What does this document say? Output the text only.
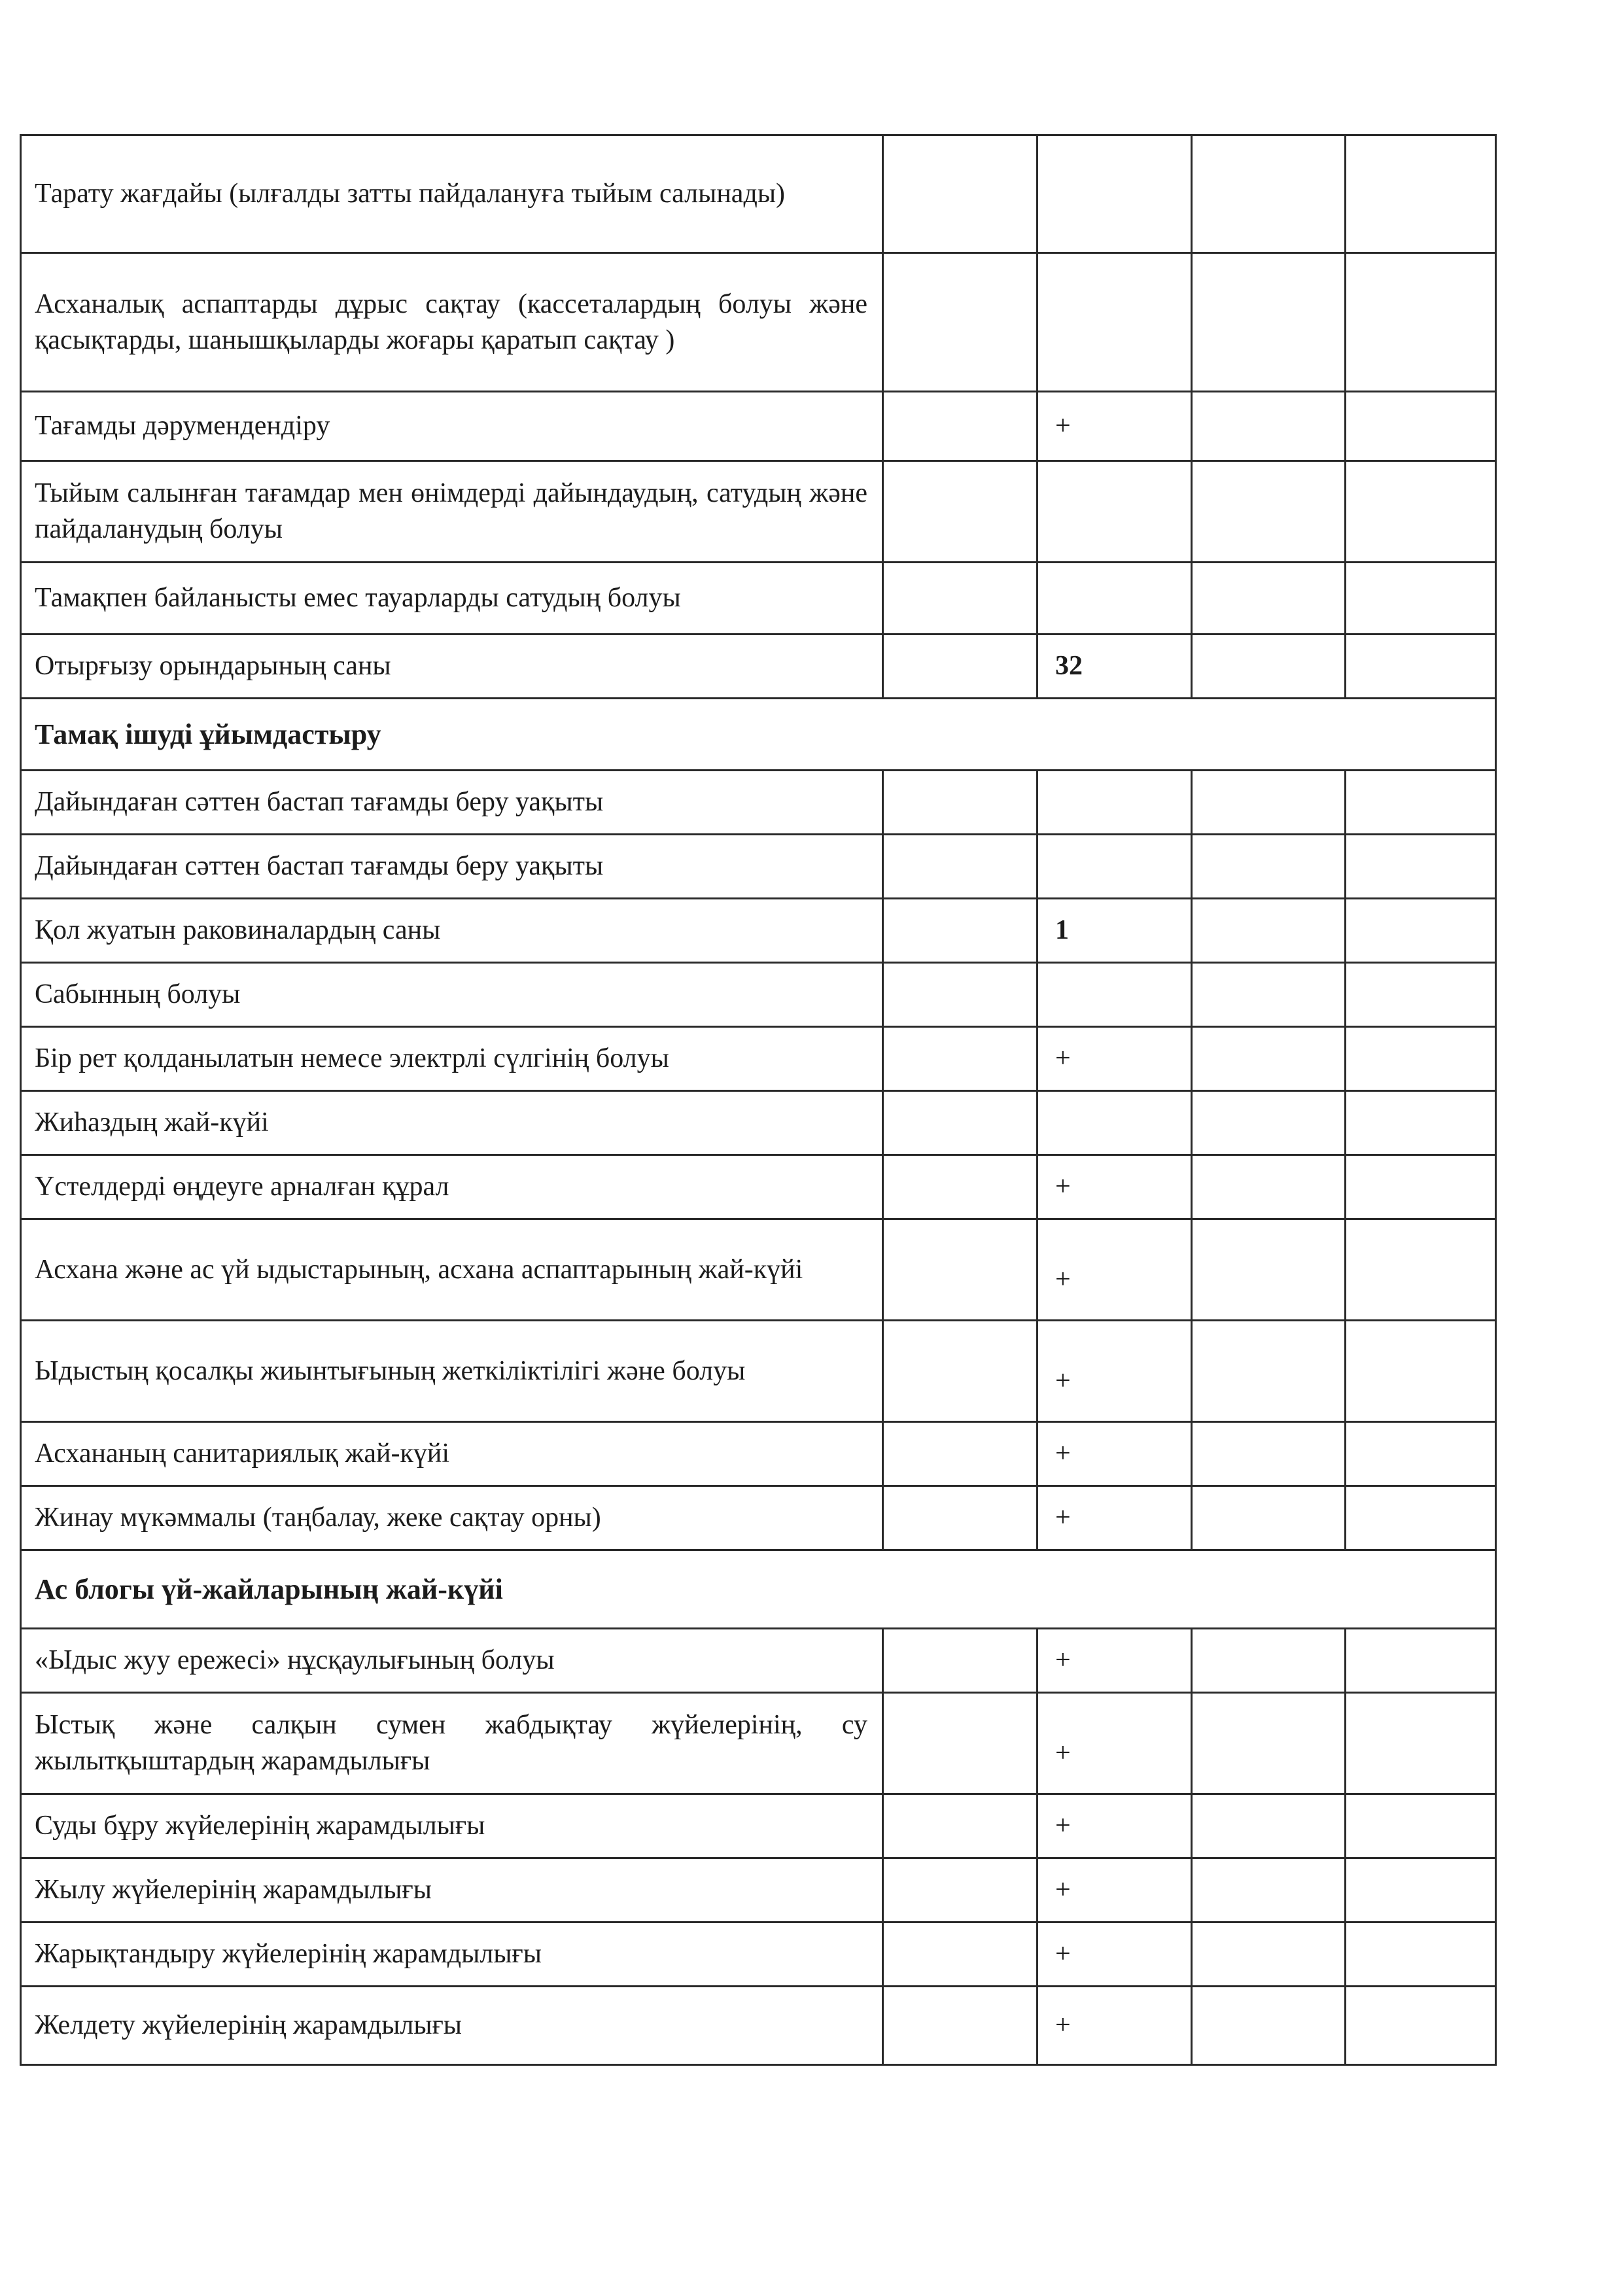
Тарату жағдайы (ылғалды затты пайдалануға тыйым салынады)				
Асханалық аспаптарды дұрыс сақтау (кассеталардың болуы және қасықтарды, шанышқыларды жоғары қаратып сақтау )				
Тағамды дәрумендендіру		+		
Тыйым салынған тағамдар мен өнімдерді дайындаудың, сатудың және пайдаланудың болуы				
Тамақпен байланысты емес тауарларды сатудың болуы				
Отырғызу орындарының саны		32		
Тамақ ішуді ұйымдастыру				
Дайындаған сәттен бастап тағамды беру уақыты				
Дайындаған сәттен бастап тағамды беру уақыты				
Қол жуатын раковиналардың саны		1		
Сабынның болуы				
Бір рет қолданылатын немесе электрлі сүлгінің болуы		+		
Жиһаздың жай-күйі				
Үстелдерді өңдеуге арналған құрал		+		
Асхана және ас үй ыдыстарының, асхана аспаптарының жай-күйі		+		
Ыдыстың қосалқы жиынтығының жеткіліктілігі және болуы		+		
Асхананың санитариялық жай-күйі		+		
Жинау мүкәммалы (таңбалау, жеке сақтау орны)		+		
Ас блогы үй-жайларының жай-күйі				
«Ыдыс жуу ережесі» нұсқаулығының болуы		+		
Ыстық және салқын сумен жабдықтау жүйелерінің, су жылытқыштардың жарамдылығы		+		
Суды бұру жүйелерінің жарамдылығы		+		
Жылу жүйелерінің жарамдылығы		+		
Жарықтандыру жүйелерінің жарамдылығы		+		
Желдету жүйелерінің жарамдылығы		+		
